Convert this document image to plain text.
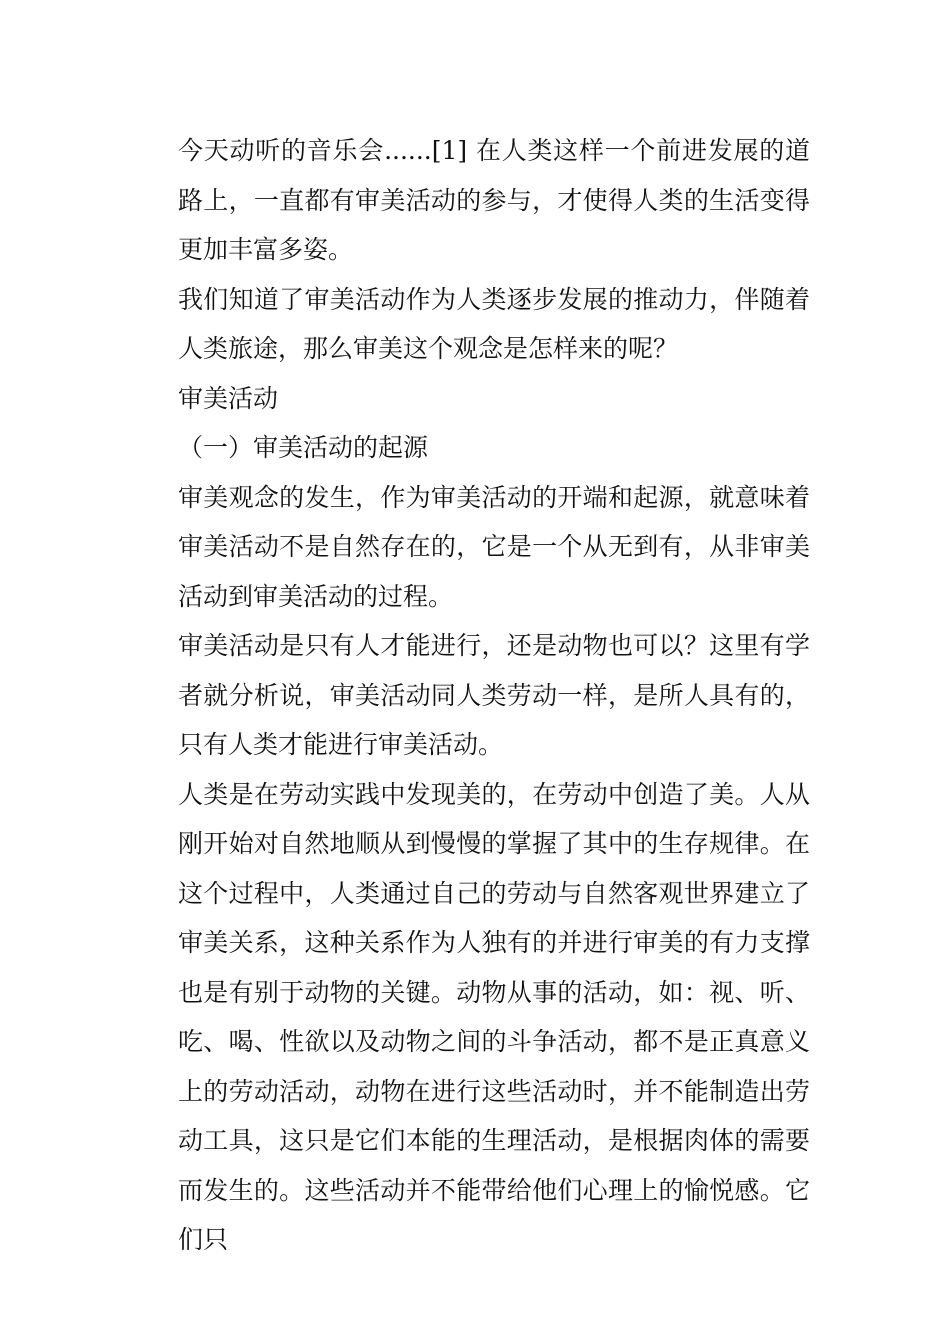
今天动听的音乐会......[1] 在人类这样一个前进发展的道路上，一直都有审美活动的参与，才使得人类的生活变得更加丰富多姿。

我们知道了审美活动作为人类逐步发展的推动力，伴随着人类旅途，那么审美这个观念是怎样来的呢？

审美活动

（一）审美活动的起源

审美观念的发生，作为审美活动的开端和起源，就意味着审美活动不是自然存在的，它是一个从无到有，从非审美活动到审美活动的过程。

审美活动是只有人才能进行，还是动物也可以？这里有学者就分析说，审美活动同人类劳动一样，是所人具有的，只有人类才能进行审美活动。

人类是在劳动实践中发现美的，在劳动中创造了美。人从刚开始对自然地顺从到慢慢的掌握了其中的生存规律。在这个过程中，人类通过自己的劳动与自然客观世界建立了审美关系，这种关系作为人独有的并进行审美的有力支撑也是有别于动物的关键。动物从事的活动，如：视、听、吃、喝、性欲以及动物之间的斗争活动，都不是正真意义上的劳动活动，动物在进行这些活动时，并不能制造出劳动工具，这只是它们本能的生理活动，是根据肉体的需要而发生的。这些活动并不能带给他们心理上的愉悦感。它们只
